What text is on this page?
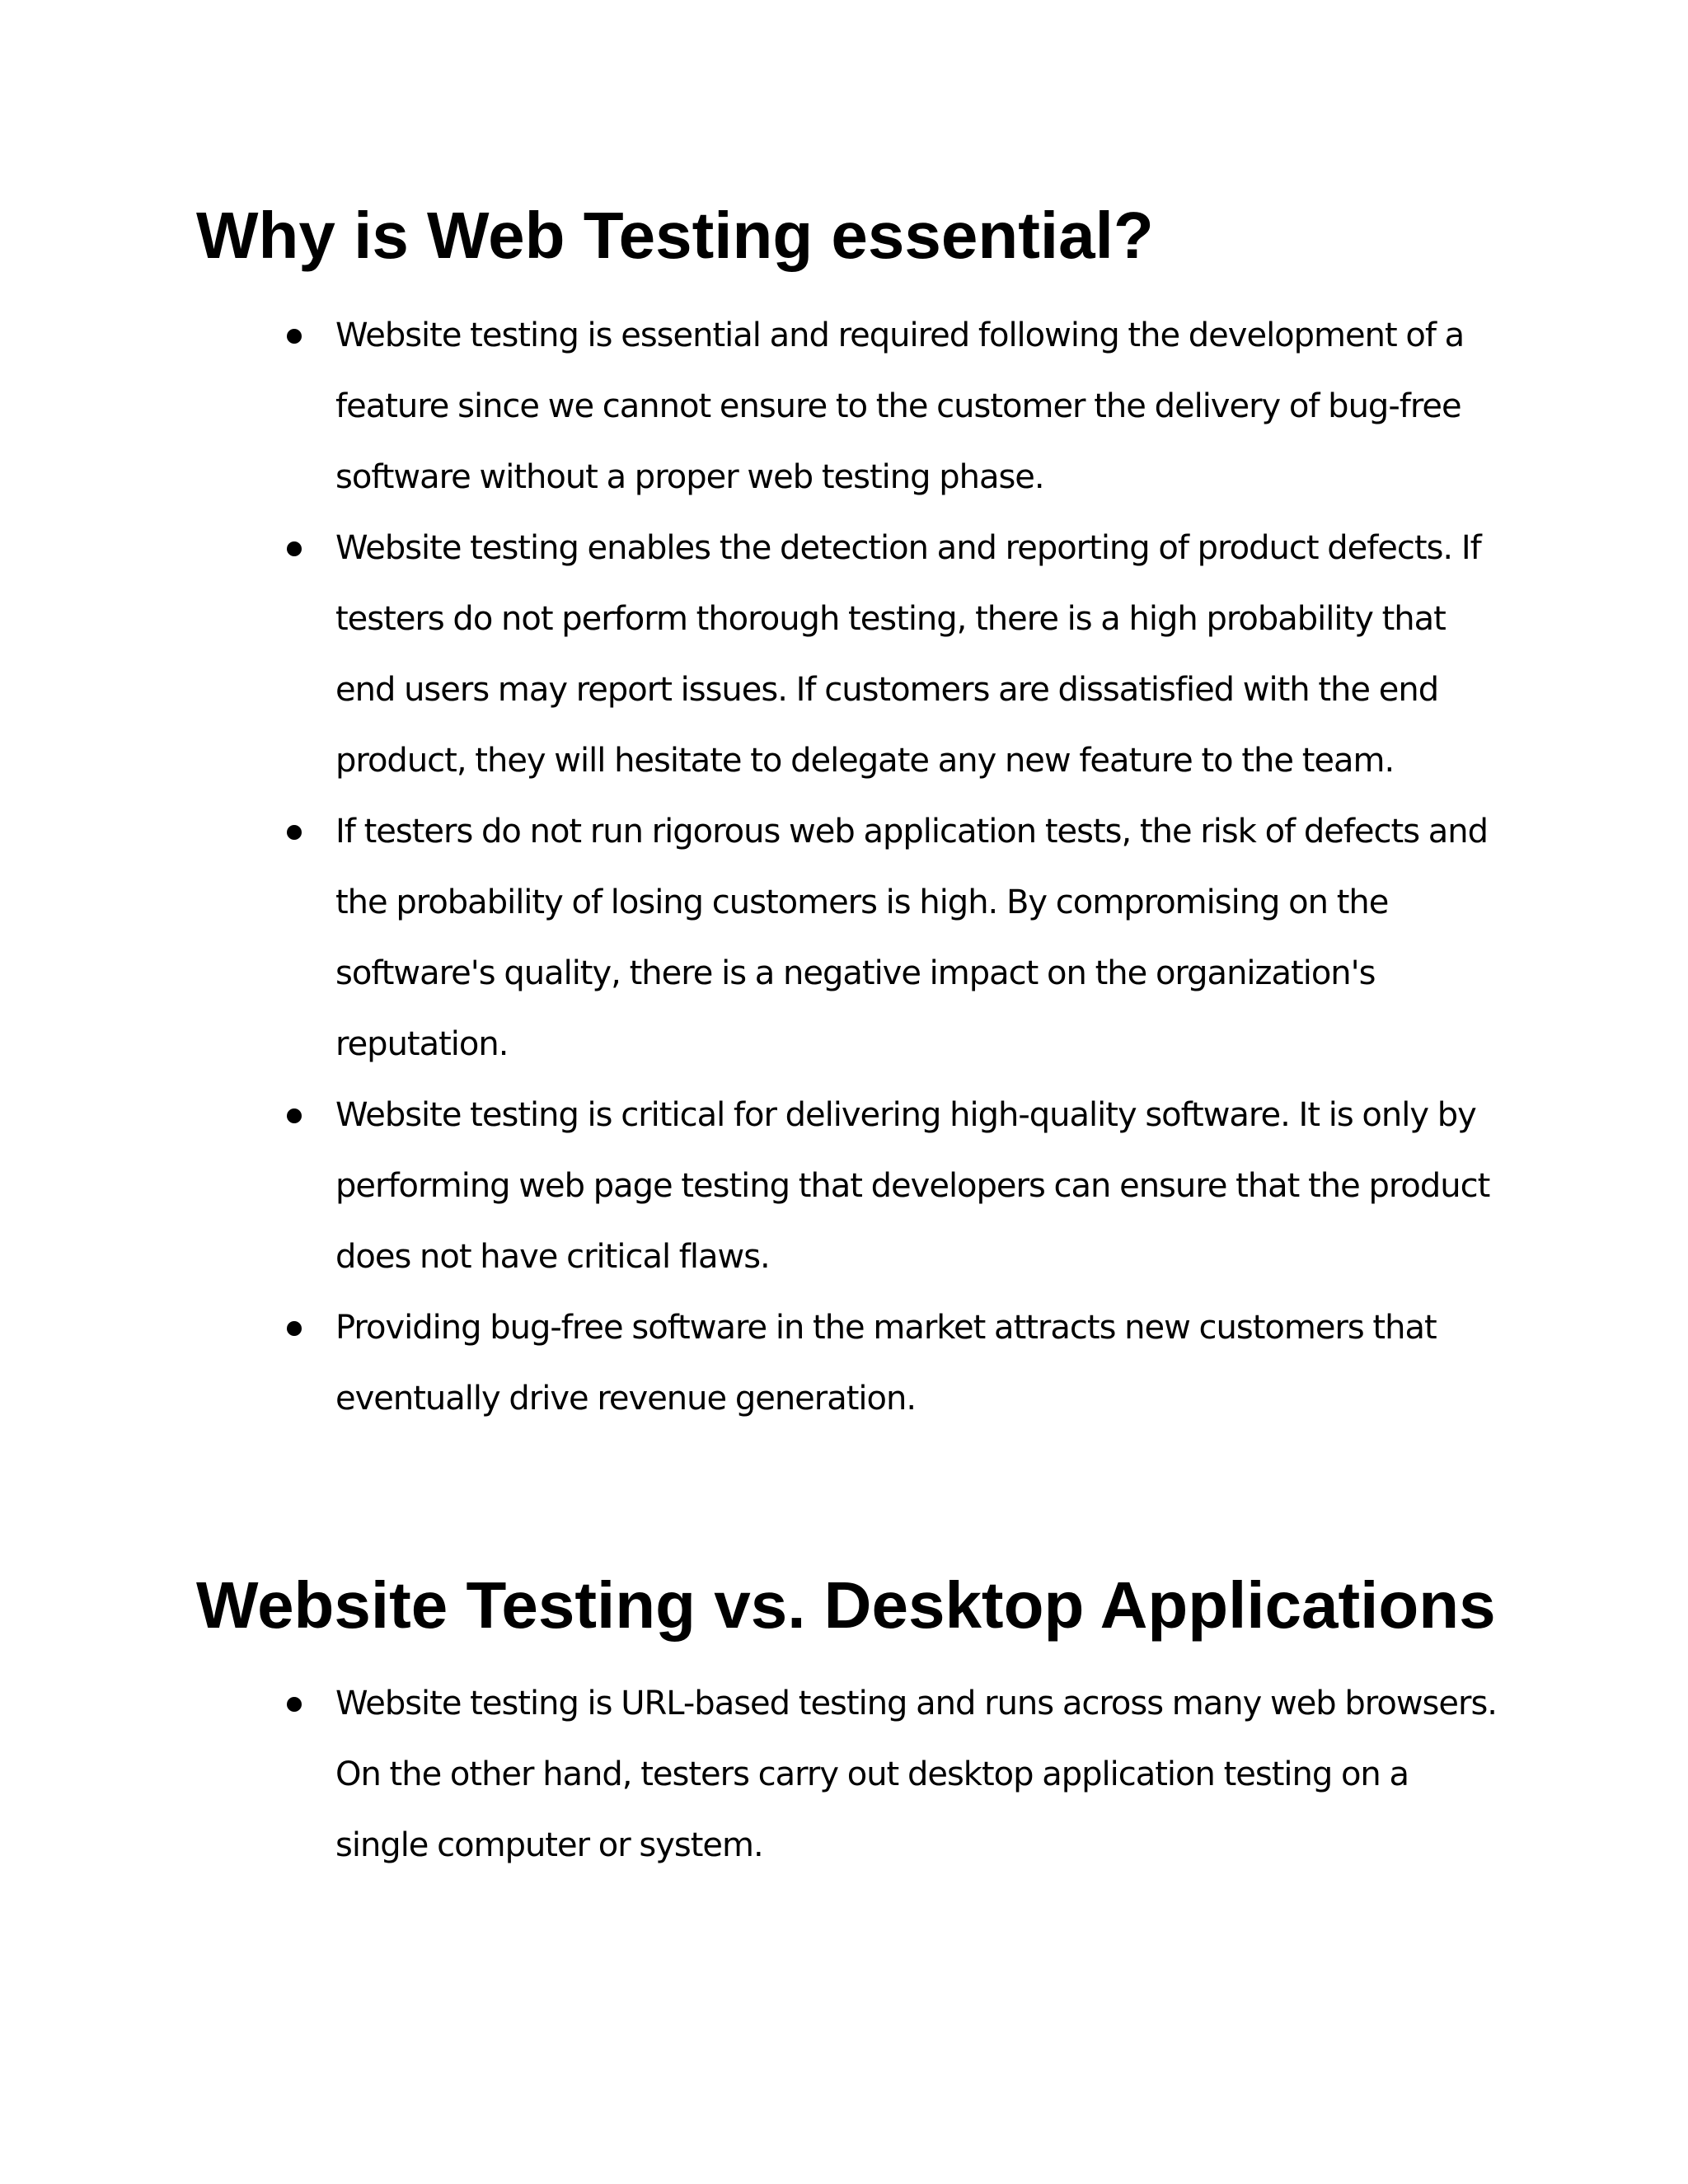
Why is Web Testing essential?
Website testing is essential and required following the development of a feature since we cannot ensure to the customer the delivery of bug-free software without a proper web testing phase.
Website testing enables the detection and reporting of product defects. If testers do not perform thorough testing, there is a high probability that end users may report issues. If customers are dissatisfied with the end product, they will hesitate to delegate any new feature to the team.
If testers do not run rigorous web application tests, the risk of defects and the probability of losing customers is high. By compromising on the software's quality, there is a negative impact on the organization's reputation.
Website testing is critical for delivering high-quality software. It is only by performing web page testing that developers can ensure that the product does not have critical flaws.
Providing bug-free software in the market attracts new customers that eventually drive revenue generation.
Website Testing vs. Desktop Applications
Website testing is URL-based testing and runs across many web browsers. On the other hand, testers carry out desktop application testing on a single computer or system.
